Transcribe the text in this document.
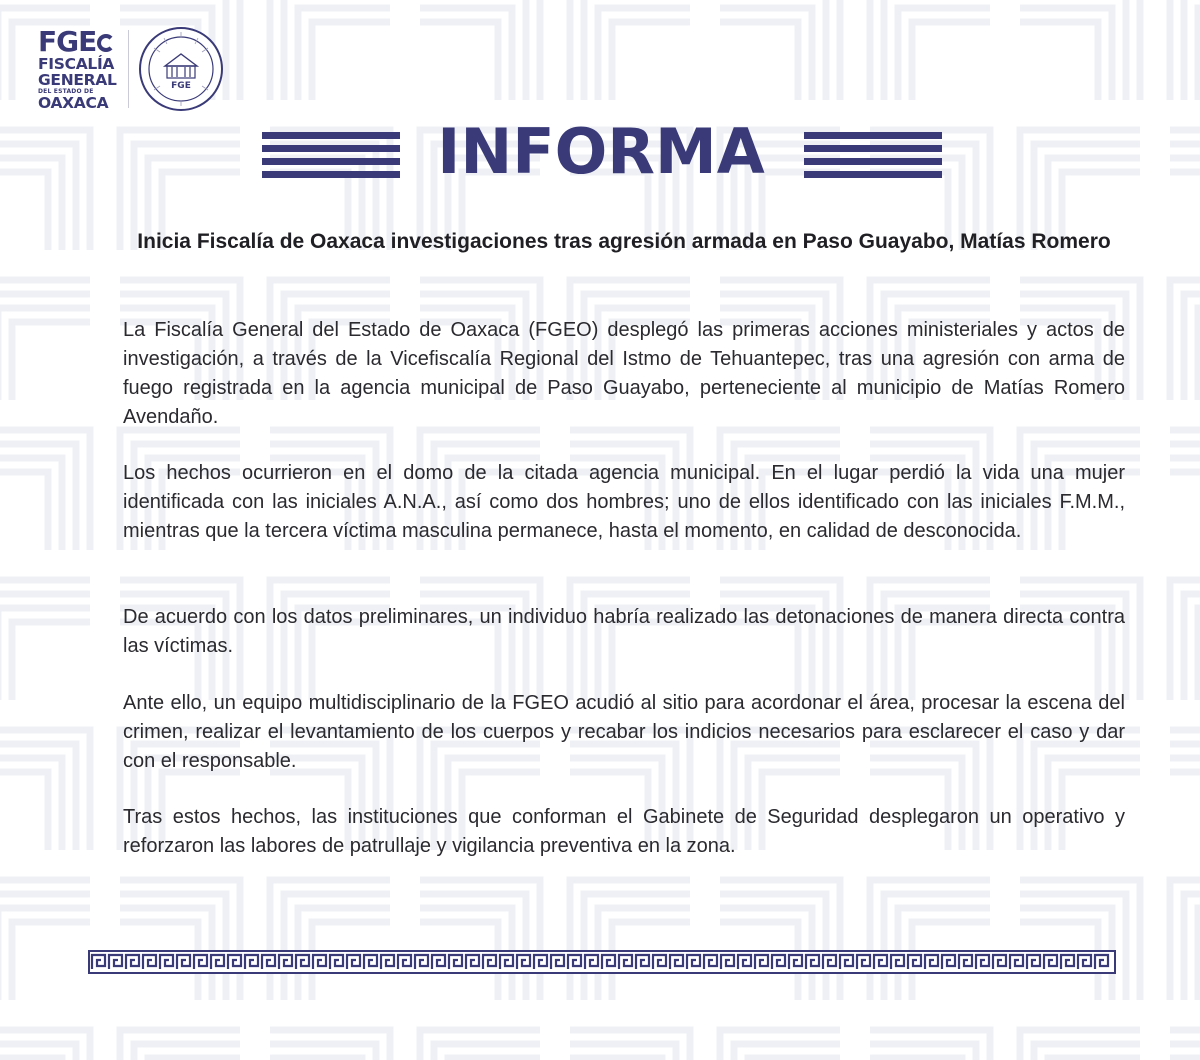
FGE
FISCALÍA
GENERAL
DEL ESTADO DE
OAXACA
FGE
INFORMA
Inicia Fiscalía de Oaxaca investigaciones tras agresión armada en Paso Guayabo, Matías Romero

La Fiscalía General del Estado de Oaxaca (FGEO) desplegó las primeras acciones ministeriales y actos de investigación, a través de la Vicefiscalía Regional del Istmo de Tehuantepec, tras una agresión con arma de fuego registrada en la agencia municipal de Paso Guayabo, perteneciente al municipio de Matías Romero Avendaño.

Los hechos ocurrieron en el domo de la citada agencia municipal. En el lugar perdió la vida una mujer identificada con las iniciales A.N.A., así como dos hombres; uno de ellos identificado con las iniciales F.M.M., mientras que la tercera víctima masculina permanece, hasta el momento, en calidad de desconocida.

De acuerdo con los datos preliminares, un individuo habría realizado las detonaciones de manera directa contra las víctimas.

Ante ello, un equipo multidisciplinario de la FGEO acudió al sitio para acordonar el área, procesar la escena del crimen, realizar el levantamiento de los cuerpos y recabar los indicios necesarios para esclarecer el caso y dar con el responsable.

Tras estos hechos, las instituciones que conforman el Gabinete de Seguridad desplegaron un operativo y reforzaron las labores de patrullaje y vigilancia preventiva en la zona.
